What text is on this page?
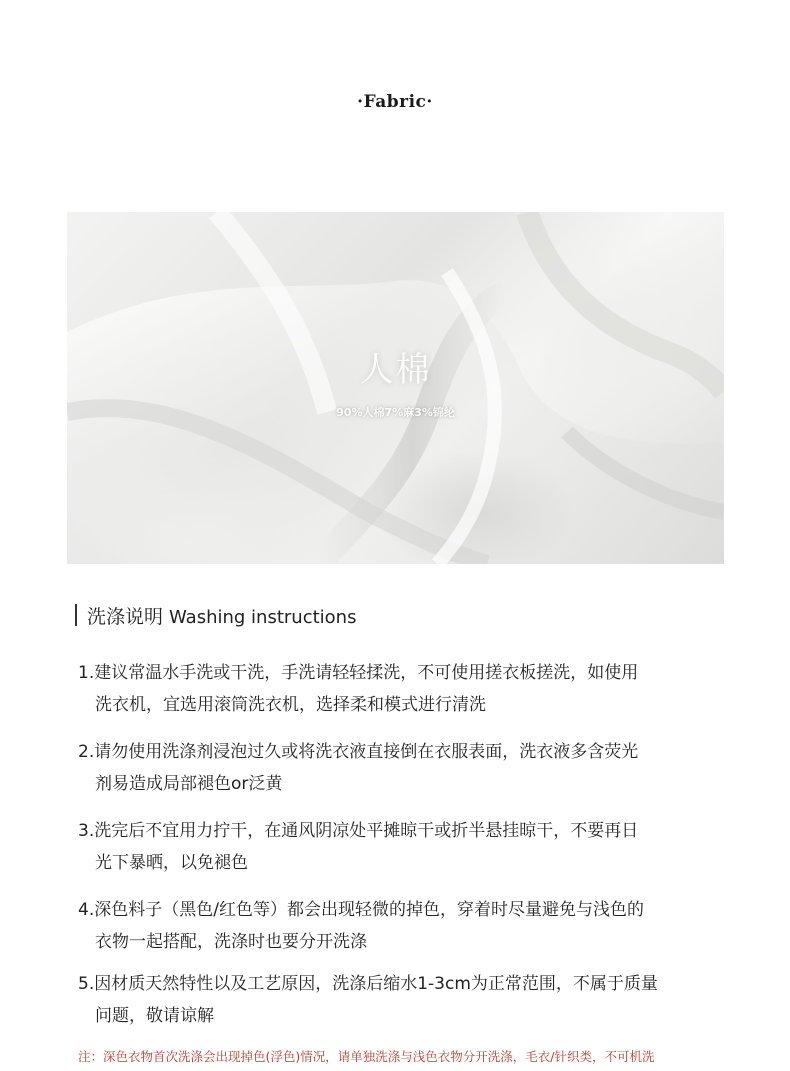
·Fabric·
人棉
90%人棉7%麻3%锦纶
洗涤说明 Washing instructions
1.建议常温水手洗或干洗，手洗请轻轻揉洗，不可使用搓衣板搓洗，如使用
洗衣机，宜选用滚筒洗衣机，选择柔和模式进行清洗
2.请勿使用洗涤剂浸泡过久或将洗衣液直接倒在衣服表面，洗衣液多含荧光
剂易造成局部褪色or泛黄
3.洗完后不宜用力拧干，在通风阴凉处平摊晾干或折半悬挂晾干，不要再日
光下暴晒，以免褪色
4.深色料子（黑色/红色等）都会出现轻微的掉色，穿着时尽量避免与浅色的
衣物一起搭配，洗涤时也要分开洗涤
5.因材质天然特性以及工艺原因，洗涤后缩水1-3cm为正常范围，不属于质量
问题，敬请谅解
注：深色衣物首次洗涤会出现掉色(浮色)情况，请单独洗涤与浅色衣物分开洗涤，毛衣/针织类，不可机洗
